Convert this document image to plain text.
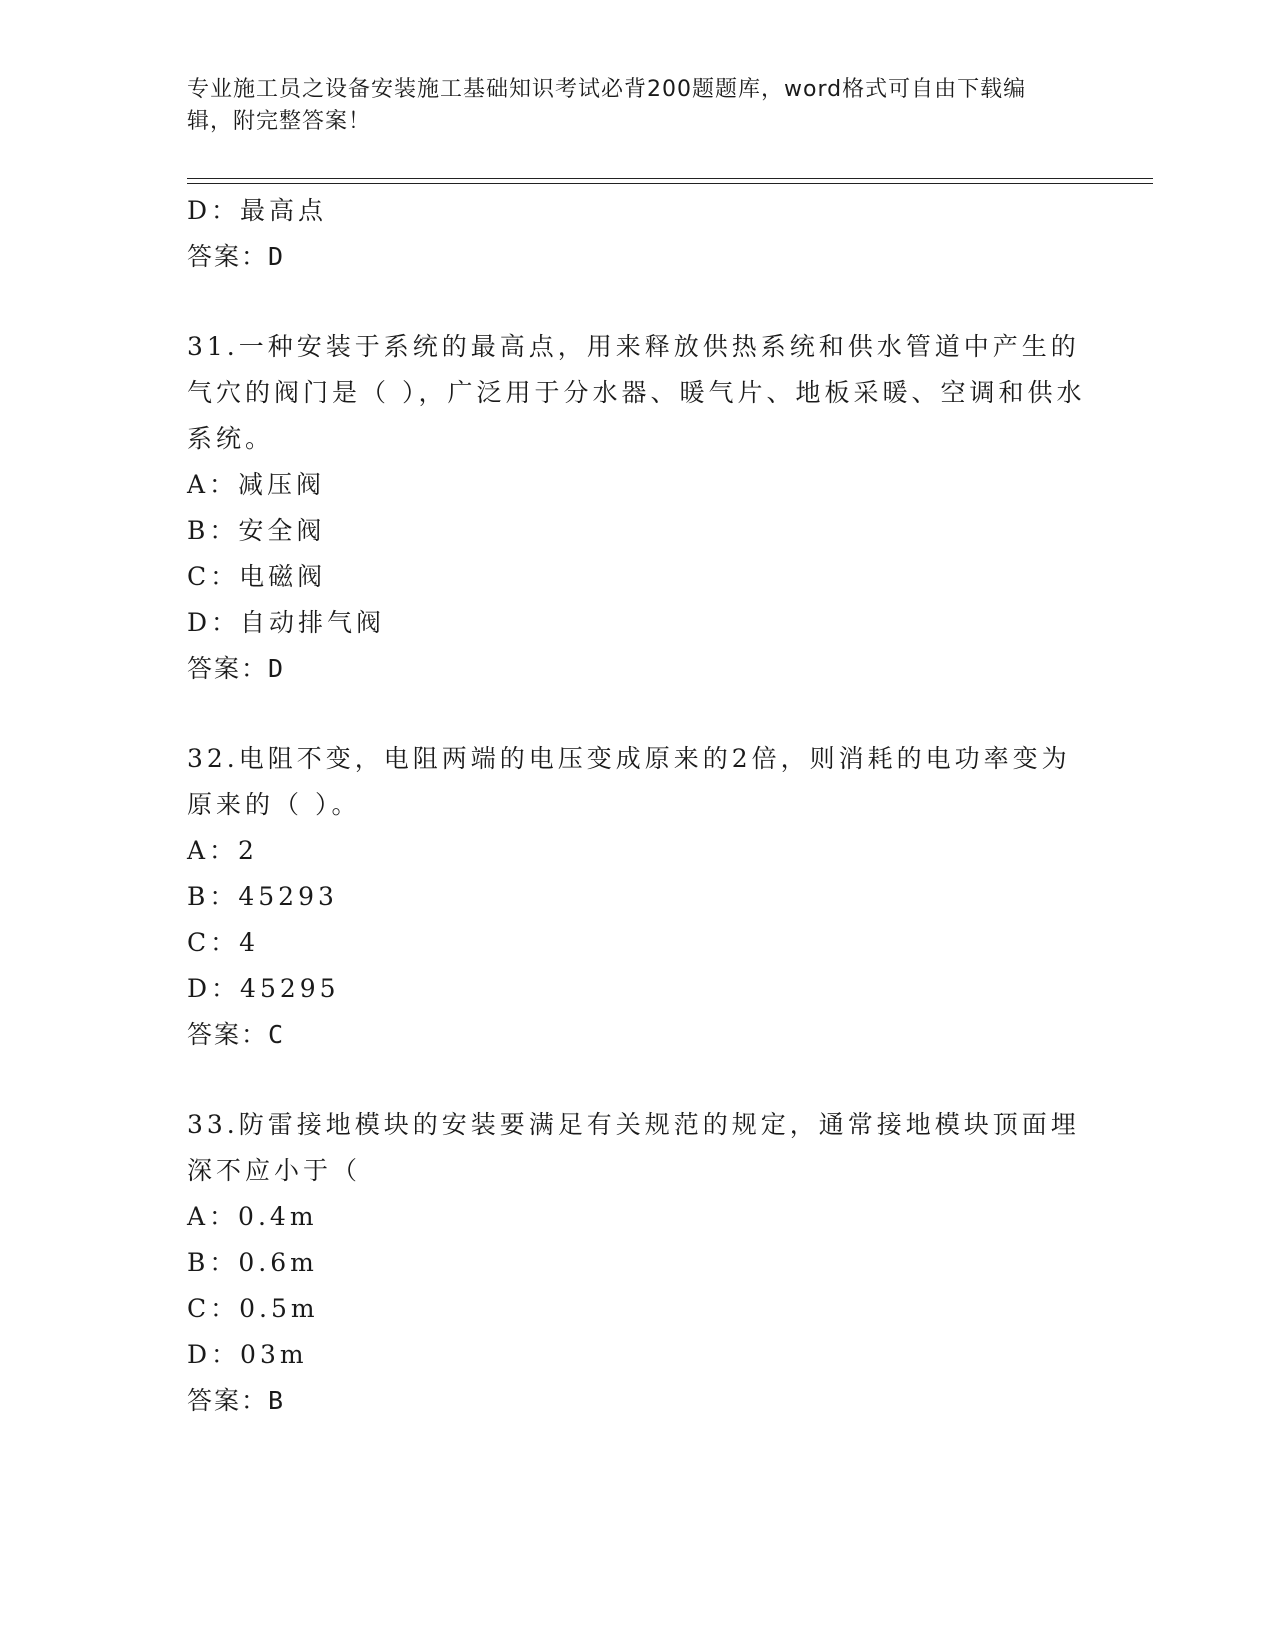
专业施工员之设备安装施工基础知识考试必背200题题库，word格式可自由下载编辑，附完整答案！
D：最高点
答案：D
31.一种安装于系统的最高点，用来释放供热系统和供水管道中产生的气穴的阀门是（ ），广泛用于分水器、暖气片、地板采暖、空调和供水系统。
A：减压阀
B：安全阀
C：电磁阀
D：自动排气阀
答案：D
32.电阻不变，电阻两端的电压变成原来的2倍，则消耗的电功率变为原来的（ ）。
A：2
B：45293
C：4
D：45295
答案：C
33.防雷接地模块的安装要满足有关规范的规定，通常接地模块顶面埋深不应小于（
A：0.4m
B：0.6m
C：0.5m
D：03m
答案：B
